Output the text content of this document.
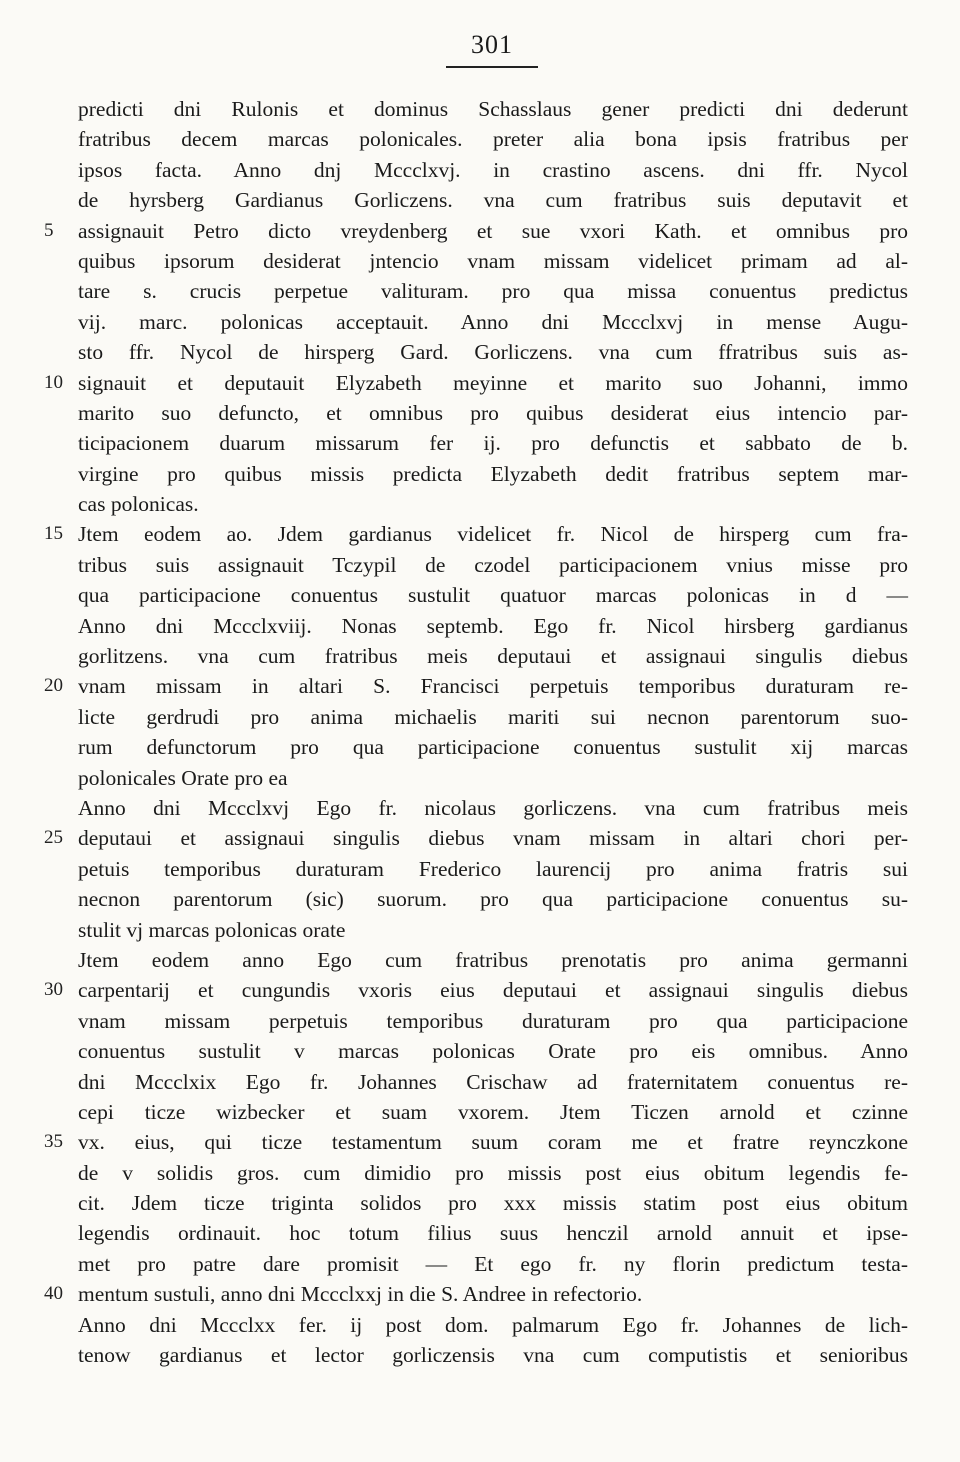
301
predicti dni Rulonis et dominus Schasslaus gener predicti dni dederunt
fratribus decem marcas polonicales. preter alia bona ipsis fratribus per
ipsos facta. Anno dnj Mccclxvj. in crastino ascens. dni ffr. Nycol
de hyrsberg Gardianus Gorliczens. vna cum fratribus suis deputavit et
5	assignauit Petro dicto vreydenberg et sue vxori Kath. et omnibus pro
quibus ipsorum desiderat jntencio vnam missam videlicet primam ad al-
tare s. crucis perpetue valituram. pro qua missa conuentus predictus
vij. marc. polonicas acceptauit. Anno dni Mccclxvj in mense Augu-
sto ffr. Nycol de hirsperg Gard. Gorliczens. vna cum ffratribus suis as-
10 signauit et deputauit Elyzabeth meyinne et marito suo Johanni, immo
marito suo defuncto, et omnibus pro quibus desiderat eius intencio par-
ticipacionem duarum missarum fer ij. pro defunctis et sabbato de b.
virgine pro quibus missis predicta Elyzabeth dedit fratribus septem mar-
cas polonicas.
15 Jtem eodem ao. Jdem gardianus videlicet fr. Nicol de hirsperg cum fra-
tribus suis assignauit Tczypil de czodel participacionem vnius misse pro
qua participacione conuentus sustulit quatuor marcas polonicas in d —
Anno dni Mccclxviij. Nonas septemb. Ego fr. Nicol hirsberg gardianus
gorlitzens. vna cum fratribus meis deputaui et assignaui singulis diebus
20 vnam missam in altari S. Francisci perpetuis temporibus duraturam re-
licte gerdrudi pro anima michaelis mariti sui necnon parentorum suo-
rum defunctorum pro qua participacione conuentus sustulit xij marcas
polonicales Orate pro ea
Anno dni Mccclxvj Ego fr. nicolaus gorliczens. vna cum fratribus meis
25 deputaui et assignaui singulis diebus vnam missam in altari chori per-
petuis temporibus duraturam Frederico laurencij pro anima fratris sui
necnon parentorum (sic) suorum. pro qua participacione conuentus su-
stulit vj marcas polonicas orate
Jtem eodem anno Ego cum fratribus prenotatis pro anima germanni
30 carpentarij et cungundis vxoris eius deputaui et assignaui singulis diebus
vnam missam perpetuis temporibus duraturam pro qua participacione
conuentus sustulit v marcas polonicas Orate pro eis omnibus. Anno
dni Mccclxix Ego fr. Johannes Crischaw ad fraternitatem conuentus re-
cepi ticze wizbecker et suam vxorem. Jtem Ticzen arnold et czinne
35 vx. eius, qui ticze testamentum suum coram me et fratre reynczkone
de v solidis gros. cum dimidio pro missis post eius obitum legendis fe-
cit. Jdem ticze triginta solidos pro xxx missis statim post eius obitum
legendis ordinauit. hoc totum filius suus henczil arnold annuit et ipse-
met pro patre dare promisit — Et ego fr. ny florin predictum testa-
40 mentum sustuli, anno dni Mccclxxj in die S. Andree in refectorio.
Anno dni Mccclxx fer. ij post dom. palmarum Ego fr. Johannes de lich-
tenow gardianus et lector gorliczensis vna cum computistis et senioribus
